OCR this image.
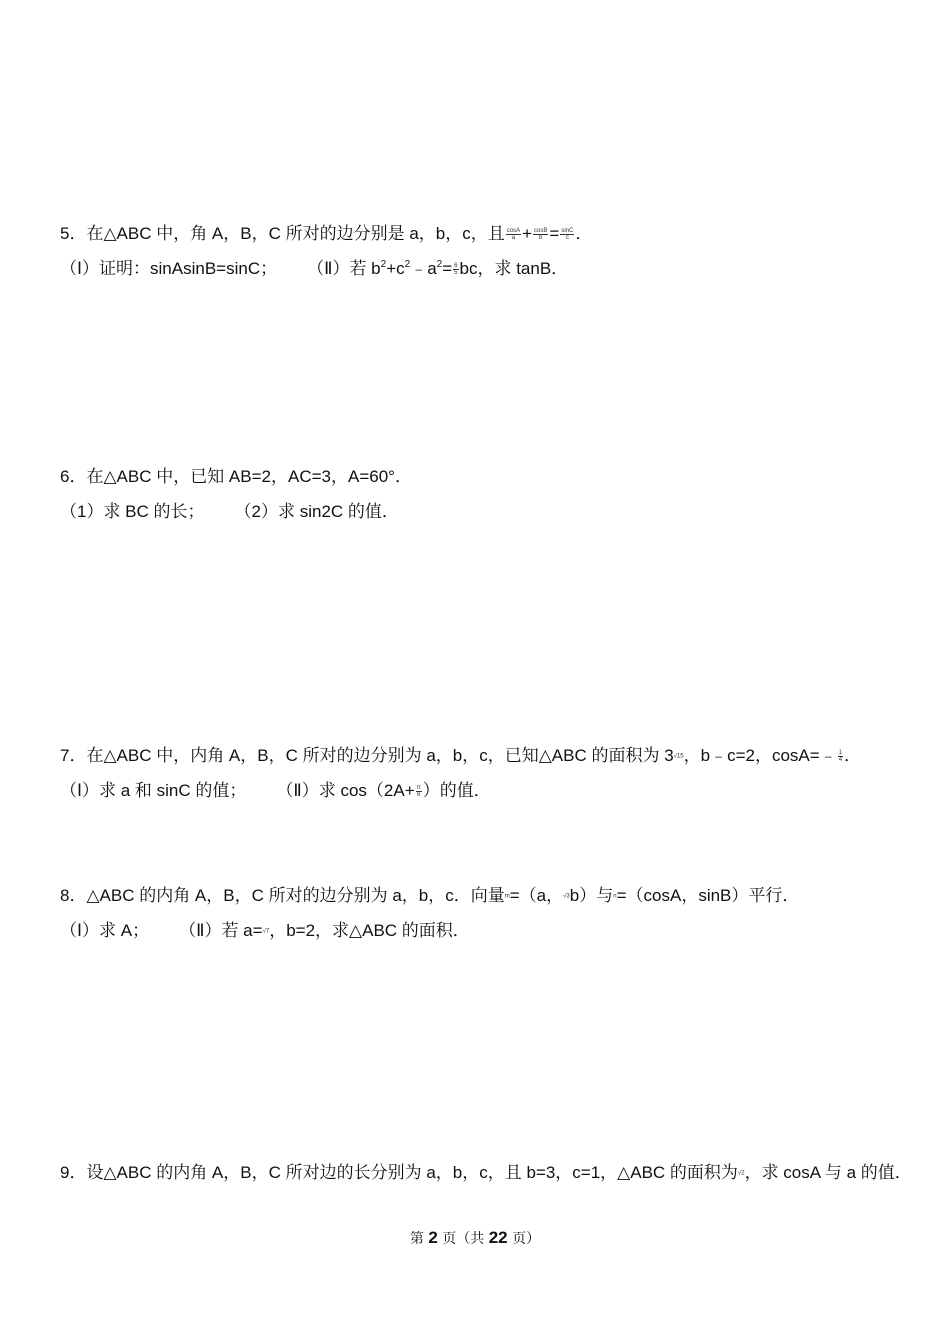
5．在△ABC 中，角 A，B，C 所对的边分别是 a，b，c，且 $\frac{\cos A}{a} + \frac{\cos B}{b} = \frac{\sin C}{c}$ ．
（Ⅰ）证明：sinAsinB=sinC； （Ⅱ）若 $b^2+c^2﹣a^2= \frac{6}{5}$ bc，求 tanB．
6．在△ABC 中，已知 AB=2，AC=3，A=60°．
（1）求 BC 的长； （2）求 sin2C 的值．
7．在△ABC 中，内角 A，B，C 所对的边分别为 a，b，c，已知△ABC 的面积为 3√15，b﹣c=2，cosA=﹣ $\frac{1}{4}$ ．
（Ⅰ）求 a 和 sinC 的值； （Ⅱ）求 $\cos(2A+ \frac{\pi}{6}$ ）的值．
8．△ABC 的内角 A，B，C 所对的边分别为 a，b，c．向量m=（a，√3b）与n=（cosA，sinB）平行．
（Ⅰ）求 A； （Ⅱ）若 a=√7，b=2，求△ABC 的面积．
9．设△ABC 的内角 A，B，C 所对边的长分别为 a，b，c，且 b=3，c=1，△ABC 的面积为√2，求 cosA 与 a 的值．
第 2 页（共 22 页）
